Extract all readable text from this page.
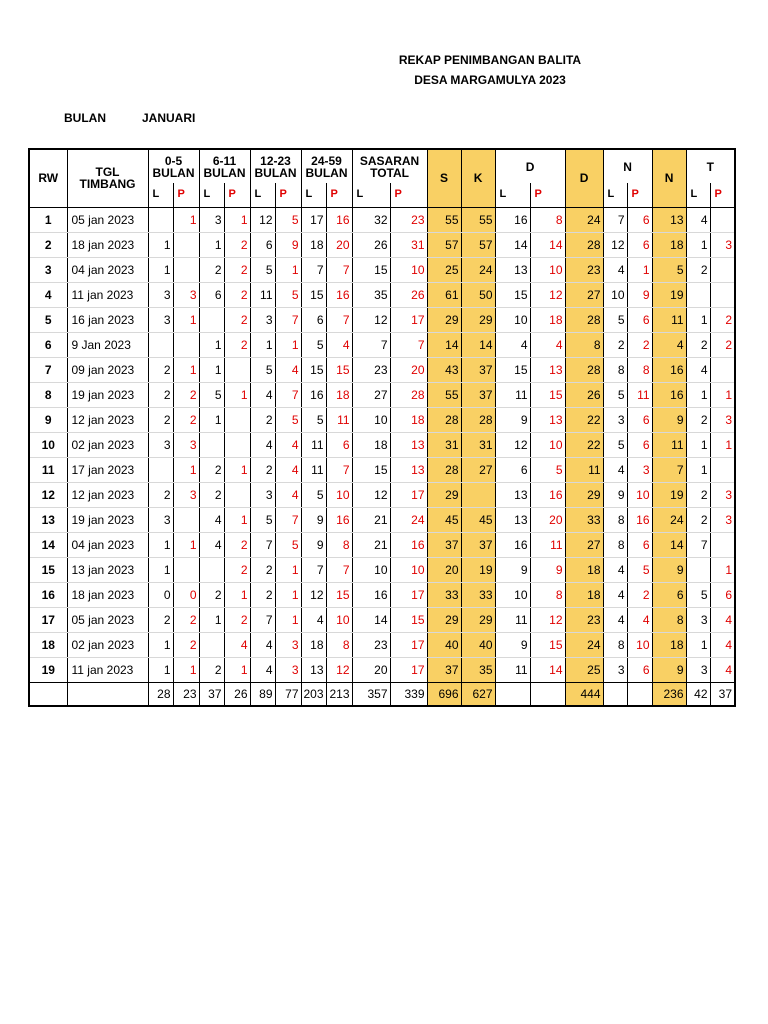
REKAP PENIMBANGAN BALITA
DESA MARGAMULYA 2023
BULAN	JANUARI
RW	TGL TIMBANG	0-5 BULAN		6-11 BULAN		12-23 BULAN		24-59 BULAN		SASARAN TOTAL		S	K	D		D	N		N	T	
		L	P	L	P	L	P	L	P	L	P			L	P		L	P		L	P
1	05 jan 2023		1	3	1	12	5	17	16	32	23	55	55	16	8	24	7	6	13	4	
2	18 jan 2023	1		1	2	6	9	18	20	26	31	57	57	14	14	28	12	6	18	1	3
3	04 jan 2023	1		2	2	5	1	7	7	15	10	25	24	13	10	23	4	1	5	2	
4	11 jan 2023	3	3	6	2	11	5	15	16	35	26	61	50	15	12	27	10	9	19		
5	16 jan 2023	3	1		2	3	7	6	7	12	17	29	29	10	18	28	5	6	11	1	2
6	9 Jan 2023			1	2	1	1	5	4	7	7	14	14	4	4	8	2	2	4	2	2
7	09 jan 2023	2	1	1		5	4	15	15	23	20	43	37	15	13	28	8	8	16	4	
8	19 jan 2023	2	2	5	1	4	7	16	18	27	28	55	37	11	15	26	5	11	16	1	1
9	12 jan 2023	2	2	1		2	5	5	11	10	18	28	28	9	13	22	3	6	9	2	3
10	02 jan 2023	3	3			4	4	11	6	18	13	31	31	12	10	22	5	6	11	1	1
11	17 jan 2023		1	2	1	2	4	11	7	15	13	28	27	6	5	11	4	3	7	1	
12	12 jan 2023	2	3	2		3	4	5	10	12	17	29		13	16	29	9	10	19	2	3
13	19 jan 2023	3		4	1	5	7	9	16	21	24	45	45	13	20	33	8	16	24	2	3
14	04 jan 2023	1	1	4	2	7	5	9	8	21	16	37	37	16	11	27	8	6	14	7	
15	13 jan 2023	1			2	2	1	7	7	10	10	20	19	9	9	18	4	5	9		1
16	18 jan 2023	0	0	2	1	2	1	12	15	16	17	33	33	10	8	18	4	2	6	5	6
17	05 jan 2023	2	2	1	2	7	1	4	10	14	15	29	29	11	12	23	4	4	8	3	4
18	02 jan 2023	1	2		4	4	3	18	8	23	17	40	40	9	15	24	8	10	18	1	4
19	11 jan 2023	1	1	2	1	4	3	13	12	20	17	37	35	11	14	25	3	6	9	3	4
		28	23	37	26	89	77	203	213	357	339	696	627			444			236	42	37
